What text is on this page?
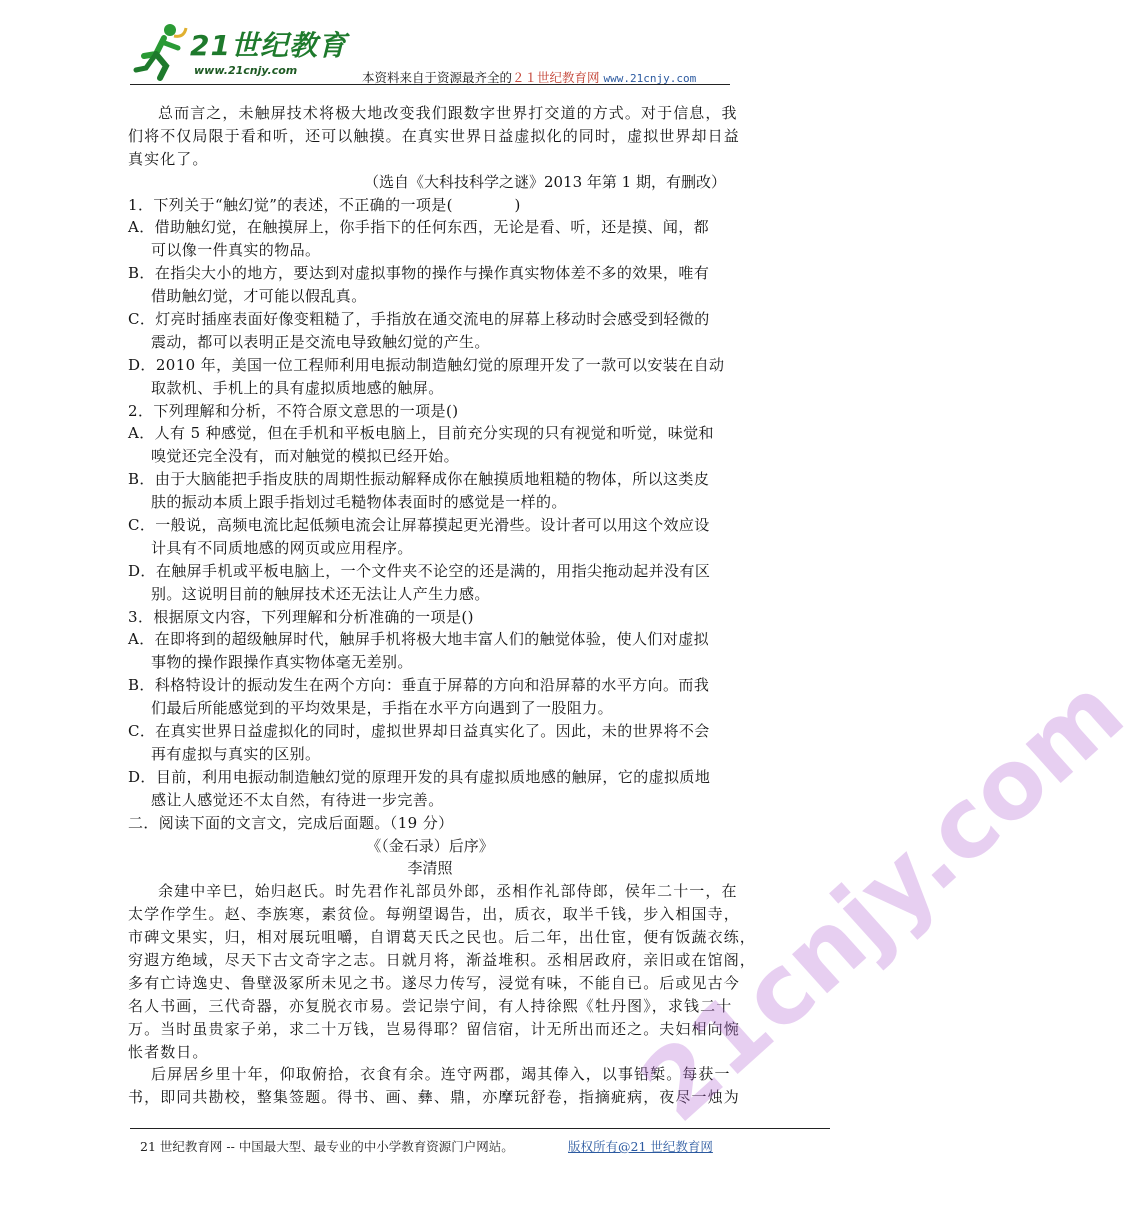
21世纪教育
www.21cnjy.com	本资料来自于资源最齐全的２１世纪教育网 www.21cnjy.com
总而言之，未触屏技术将极大地改变我们跟数字世界打交道的方式。对于信息，我
们将不仅局限于看和听，还可以触摸。在真实世界日益虚拟化的同时，虚拟世界却日益
真实化了。
（选自《大科技科学之谜》2013 年第 1 期，有删改）
1．下列关于“触幻觉”的表述，不正确的一项是(　　　　)
A．借助触幻觉，在触摸屏上，你手指下的任何东西，无论是看、听，还是摸、闻，都
可以像一件真实的物品。
B．在指尖大小的地方，要达到对虚拟事物的操作与操作真实物体差不多的效果，唯有
借助触幻觉，才可能以假乱真。
C．灯亮时插座表面好像变粗糙了，手指放在通交流电的屏幕上移动时会感受到轻微的
震动，都可以表明正是交流电导致触幻觉的产生。
D．2010 年，美国一位工程师利用电振动制造触幻觉的原理开发了一款可以安装在自动
取款机、手机上的具有虚拟质地感的触屏。
2．下列理解和分析，不符合原文意思的一项是()
A．人有 5 种感觉，但在手机和平板电脑上，目前充分实现的只有视觉和听觉，味觉和
嗅觉还完全没有，而对触觉的模拟已经开始。
B．由于大脑能把手指皮肤的周期性振动解释成你在触摸质地粗糙的物体，所以这类皮
肤的振动本质上跟手指划过毛糙物体表面时的感觉是一样的。
C．一般说，高频电流比起低频电流会让屏幕摸起更光滑些。设计者可以用这个效应设
计具有不同质地感的网页或应用程序。
D．在触屏手机或平板电脑上，一个文件夹不论空的还是满的，用指尖拖动起并没有区
别。这说明目前的触屏技术还无法让人产生力感。
3．根据原文内容，下列理解和分析准确的一项是()
A．在即将到的超级触屏时代，触屏手机将极大地丰富人们的触觉体验，使人们对虚拟
事物的操作跟操作真实物体毫无差别。
B．科格特设计的振动发生在两个方向：垂直于屏幕的方向和沿屏幕的水平方向。而我
们最后所能感觉到的平均效果是，手指在水平方向遇到了一股阻力。
C．在真实世界日益虚拟化的同时，虚拟世界却日益真实化了。因此，未的世界将不会
再有虚拟与真实的区别。
D．目前，利用电振动制造触幻觉的原理开发的具有虚拟质地感的触屏，它的虚拟质地
感让人感觉还不太自然，有待进一步完善。
二．阅读下面的文言文，完成后面题。（19 分）
《（金石录）后序》
李清照
余建中辛巳，始归赵氏。时先君作礼部员外郎，丞相作礼部侍郎，侯年二十一，在
太学作学生。赵、李族寒，素贫俭。每朔望谒告，出，质衣，取半千钱，步入相国寺，
市碑文果实，归，相对展玩咀嚼，自谓葛天氏之民也。后二年，出仕宦，便有饭蔬衣练，
穷遐方绝域，尽天下古文奇字之志。日就月将，渐益堆积。丞相居政府，亲旧或在馆阁，
多有亡诗逸史、鲁壁汲冢所未见之书。遂尽力传写，浸觉有味，不能自已。后或见古今
名人书画，三代奇器，亦复脱衣市易。尝记崇宁间，有人持徐熙《牡丹图》，求钱二十
万。当时虽贵家子弟，求二十万钱，岂易得耶？留信宿，计无所出而还之。夫妇相向惋
怅者数日。
后屏居乡里十年，仰取俯拾，衣食有余。连守两郡，竭其俸入，以事铅椠。每获一
书，即同共勘校，整集签题。得书、画、彝、鼎，亦摩玩舒卷，指摘疵病，夜尽一烛为
21cnjy.com
21 世纪教育网 -- 中国最大型、最专业的中小学教育资源门户网站。	版权所有@21 世纪教育网
